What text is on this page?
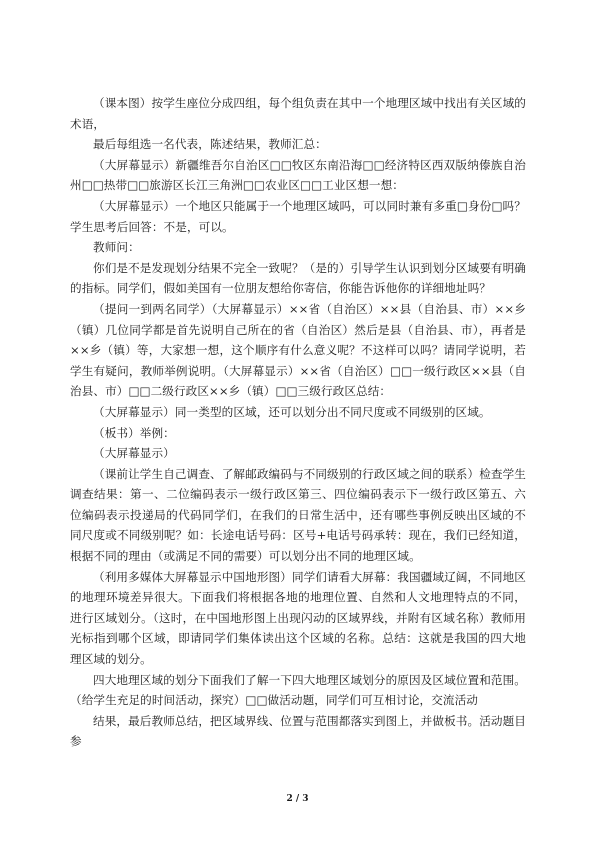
（课本图）按学生座位分成四组，每个组负责在其中一个地理区域中找出有关区域的术语，

最后每组选一名代表，陈述结果，教师汇总：

（大屏幕显示）新疆维吾尔自治区□□牧区东南沿海□□经济特区西双版纳傣族自治州□□热带□□旅游区长江三角洲□□农业区□□工业区想一想：

（大屏幕显示）一个地区只能属于一个地理区域吗，可以同时兼有多重□身份□吗？学生思考后回答：不是，可以。

教师问：

你们是不是发现划分结果不完全一致呢？（是的）引导学生认识到划分区域要有明确的指标。同学们，假如美国有一位朋友想给你寄信，你能告诉他你的详细地址吗？

（提问一到两名同学）（大屏幕显示）××省（自治区）××县（自治县、市）××乡（镇）几位同学都是首先说明自己所在的省（自治区）然后是县（自治县、市），再者是××乡（镇）等，大家想一想，这个顺序有什么意义呢？不这样可以吗？请同学说明，若学生有疑问，教师举例说明。（大屏幕显示）××省（自治区）□□一级行政区××县（自治县、市）□□二级行政区××乡（镇）□□三级行政区总结：

（大屏幕显示）同一类型的区域，还可以划分出不同尺度或不同级别的区域。

（板书）举例：

（大屏幕显示）

（课前让学生自己调查、了解邮政编码与不同级别的行政区域之间的联系）检查学生调查结果：第一、二位编码表示一级行政区第三、四位编码表示下一级行政区第五、六位编码表示投递局的代码同学们，在我们的日常生活中，还有哪些事例反映出区域的不同尺度或不同级别呢？如：长途电话号码：区号+电话号码承转：现在，我们已经知道，根据不同的理由（或满足不同的需要）可以划分出不同的地理区域。

（利用多媒体大屏幕显示中国地形图）同学们请看大屏幕：我国疆域辽阔，不同地区的地理环境差异很大。下面我们将根据各地的地理位置、自然和人文地理特点的不同，进行区域划分。（这时，在中国地形图上出现闪动的区域界线，并附有区域名称）教师用光标指到哪个区域，即请同学们集体读出这个区域的名称。总结：这就是我国的四大地理区域的划分。

四大地理区域的划分下面我们了解一下四大地理区域划分的原因及区域位置和范围。（给学生充足的时间活动，探究）□□做活动题，同学们可互相讨论，交流活动

结果，最后教师总结，把区域界线、位置与范围都落实到图上，并做板书。活动题目参

2 / 3
